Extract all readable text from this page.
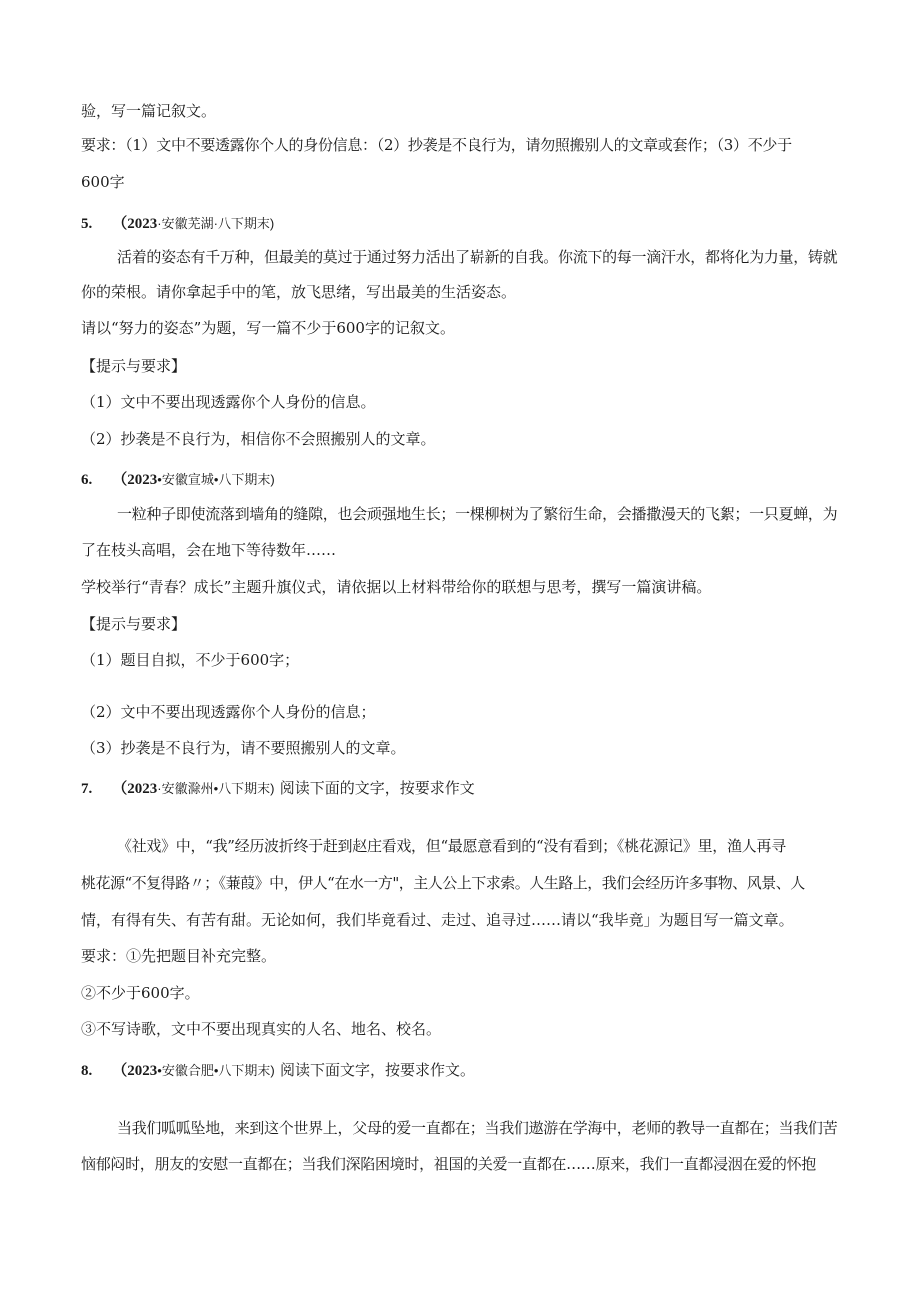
验，写一篇记叙文。
要求：（1）文中不要透露你个人的身份信息：（2）抄袭是不良行为，请勿照搬别人的文章或套作；（3）不少于
600字
5. （2023·安徽芜湖·八下期末)
活着的姿态有千万种，但最美的莫过于通过努力活出了崭新的自我。你流下的每一滴汗水，都将化为力量，铸就
你的荣根。请你拿起手中的笔，放飞思绪，写出最美的生活姿态。
请以“努力的姿态”为题，写一篇不少于600字的记叙文。
【提示与要求】
（1）文中不要出现透露你个人身份的信息。
（2）抄袭是不良行为，相信你不会照搬别人的文章。
6. （2023•安徽宣城•八下期末)
一粒种子即使流落到墙角的缝隙，也会顽强地生长；一棵柳树为了繁衍生命，会播撒漫天的飞絮；一只夏蝉，为
了在枝头高唱，会在地下等待数年……
学校举行“青春？成长”主题升旗仪式，请依据以上材料带给你的联想与思考，撰写一篇演讲稿。
【提示与要求】
（1）题目自拟，不少于600字；
（2）文中不要出现透露你个人身份的信息；
（3）抄袭是不良行为，请不要照搬别人的文章。
7. （2023·安徽滁州•八下期末) 阅读下面的文字，按要求作文
《社戏》中，“我”经历波折终于赶到赵庄看戏，但“最愿意看到的“没有看到；《桃花源记》里，渔人再寻
桃花源“不复得路〃；《蒹葭》中，伊人“在水一方"，主人公上下求索。人生路上，我们会经历许多事物、风景、人
情，有得有失、有苦有甜。无论如何，我们毕竟看过、走过、追寻过……请以“我毕竟」为题目写一篇文章。
要求：①先把题目补充完整。
②不少于600字。
③不写诗歌，文中不要出现真实的人名、地名、校名。
8. （2023•安徽合肥•八下期末) 阅读下面文字，按要求作文。
当我们呱呱坠地，来到这个世界上，父母的爱一直都在；当我们遨游在学海中，老师的教导一直都在；当我们苦
恼郁闷时，朋友的安慰一直都在；当我们深陷困境时，祖国的关爱一直都在……原来，我们一直都浸洇在爱的怀抱
